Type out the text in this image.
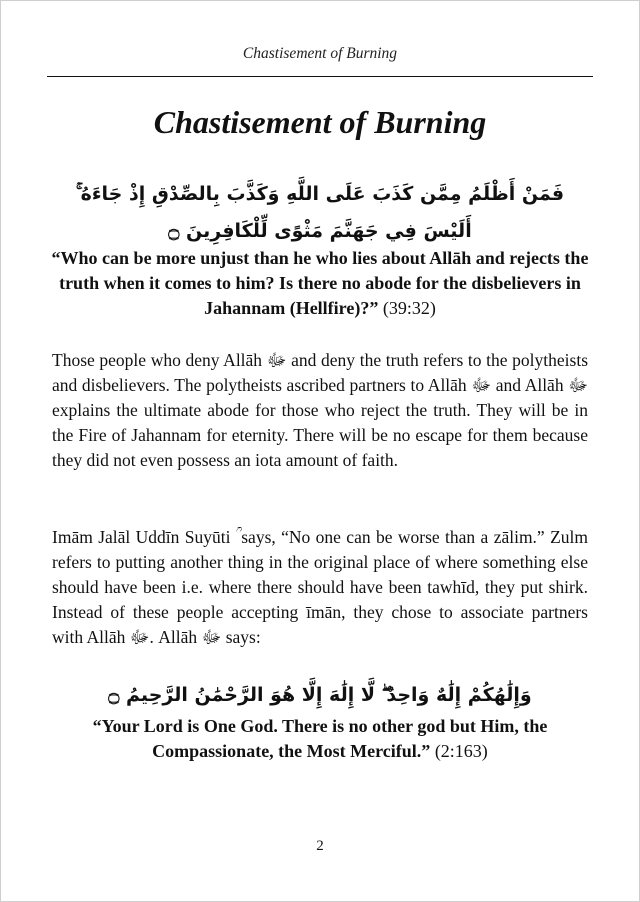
Chastisement of Burning
Chastisement of Burning
فَمَنْ أَظْلَمُ مِمَّن كَذَبَ عَلَى اللَّهِ وَكَذَّبَ بِالصِّدْقِ إِذْ جَاءَهُ ۚ أَلَيْسَ فِي جَهَنَّمَ مَثْوًى لِّلْكَافِرِينَ ۝
“Who can be more unjust than he who lies about Allāh and rejects the truth when it comes to him? Is there no abode for the disbelievers in Jahannam (Hellfire)?” (39:32)
Those people who deny Allāh ﷻ and deny the truth refers to the polytheists and disbelievers. The polytheists ascribed partners to Allāh ﷻ and Allāh ﷻ explains the ultimate abode for those who reject the truth. They will be in the Fire of Jahannam for eternity. There will be no escape for them because they did not even possess an iota amount of faith.
Imām Jalāl Uddīn Suyūti ؒ says, “No one can be worse than a zālim.” Zulm refers to putting another thing in the original place of where something else should have been i.e. where there should have been tawhīd, they put shirk. Instead of these people accepting īmān, they chose to associate partners with Allāh ﷻ. Allāh ﷻ says:
وَإِلَٰهُكُمْ إِلَٰهٌ وَاحِدٌ ۖ لَّا إِلَٰهَ إِلَّا هُوَ الرَّحْمَٰنُ الرَّحِيمُ ۝
“Your Lord is One God. There is no other god but Him, the Compassionate, the Most Merciful.” (2:163)
2
